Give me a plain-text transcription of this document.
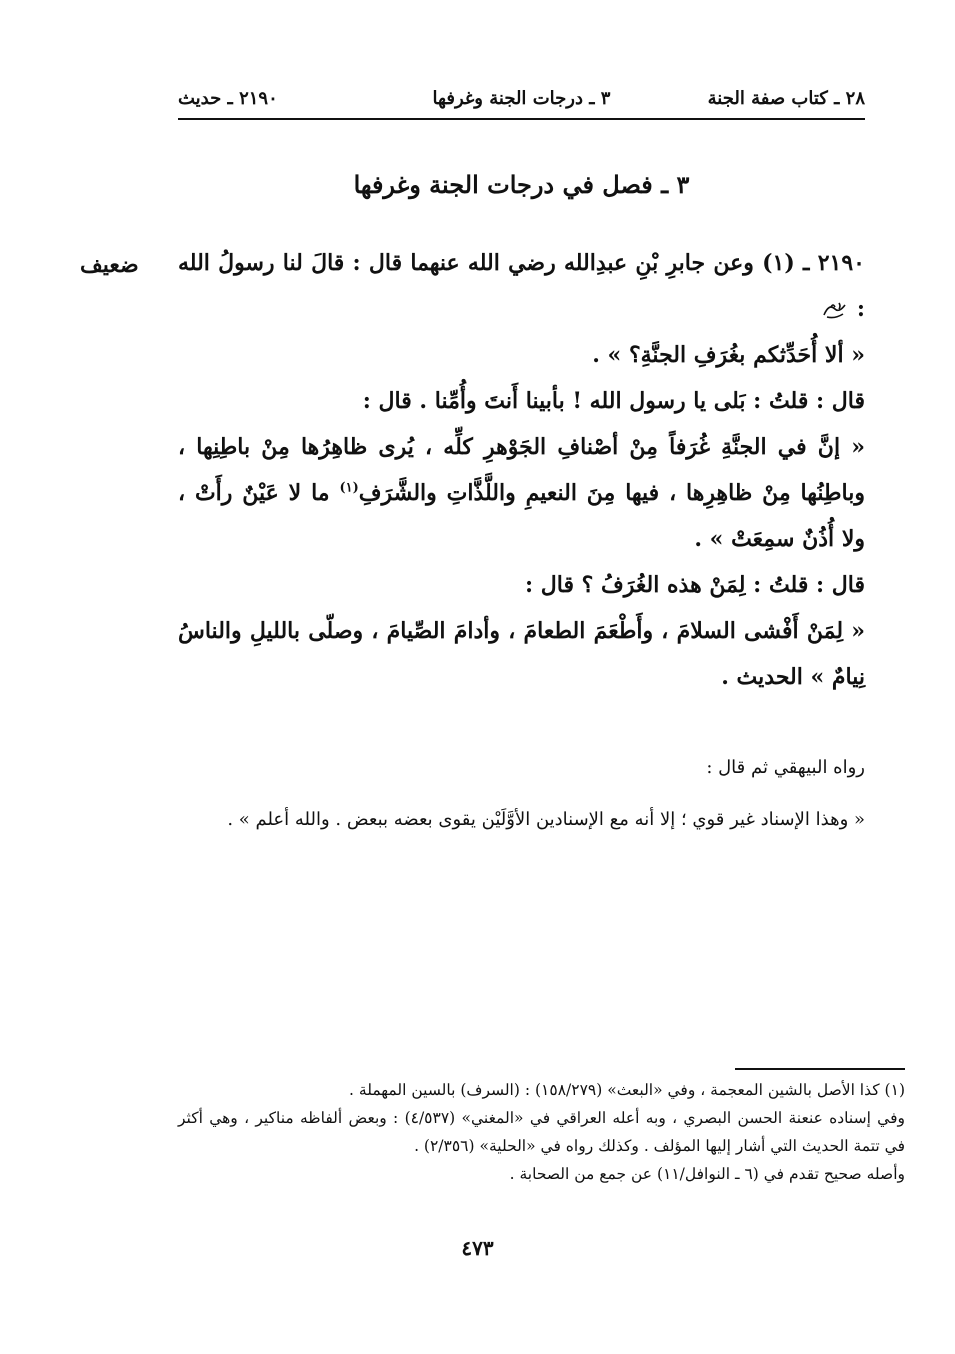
٢٨ ـ كتاب صفة الجنة
٣ ـ درجات الجنة وغرفها
٢١٩٠ ـ حديث
٣ ـ فصل في درجات الجنة وغرفها
ضعيف	٢١٩٠ ـ (١) وعن جابرِ بْنِ عبدِالله رضي الله عنهما قال : قالَ لنا رسولُ الله :

« ألا أُحَدِّثكم بغُرَفِ الجنَّةِ؟ » .

قال : قلتُ : بَلى يا رسول الله ! بأبينا أَنتَ وأُمِّنا . قال :

« إنَّ في الجنَّةِ غُرَفاً مِنْ أصْنافِ الجَوْهرِ كلِّه ، يُرى ظاهِرُها مِنْ باطِنِها ، وباطِنُها مِنْ ظاهِرِها ، فيها مِنَ النعيمِ واللَّذَّاتِ والشَّرَفِ$^{(١)}$ ما لا عَيْنٌ رأَتْ ، ولا أُذُنٌ سمِعَتْ » .

قال : قلتُ : لِمَنْ هذه الغُرَفُ ؟ قال :

« لِمَنْ أَفْشى السلامَ ، وأَطْعَمَ الطعامَ ، وأدامَ الصِّيامَ ، وصلّى بالليلِ والناسُ نِيامٌ » الحديث .

رواه البيهقي ثم قال :

« وهذا الإسناد غير قوي ؛ إلا أنه مع الإسنادين الأوَّلَيْن يقوى بعضه ببعض . والله أعلم » .

(١) كذا الأصل بالشين المعجمة ، وفي «البعث» (١٥٨/٢٧٩) : (السرف) بالسين المهملة .

وفي إسناده عنعنة الحسن البصري ، وبه أعله العراقي في «المغني» (٤/٥٣٧) : وبعض ألفاظه مناكير ، وهي أكثر في تتمة الحديث التي أشار إليها المؤلف . وكذلك رواه في «الحلية» (٢/٣٥٦) .

وأصله صحيح تقدم في (٦ ـ النوافل/١١) عن جمع من الصحابة .

٤٧٣
